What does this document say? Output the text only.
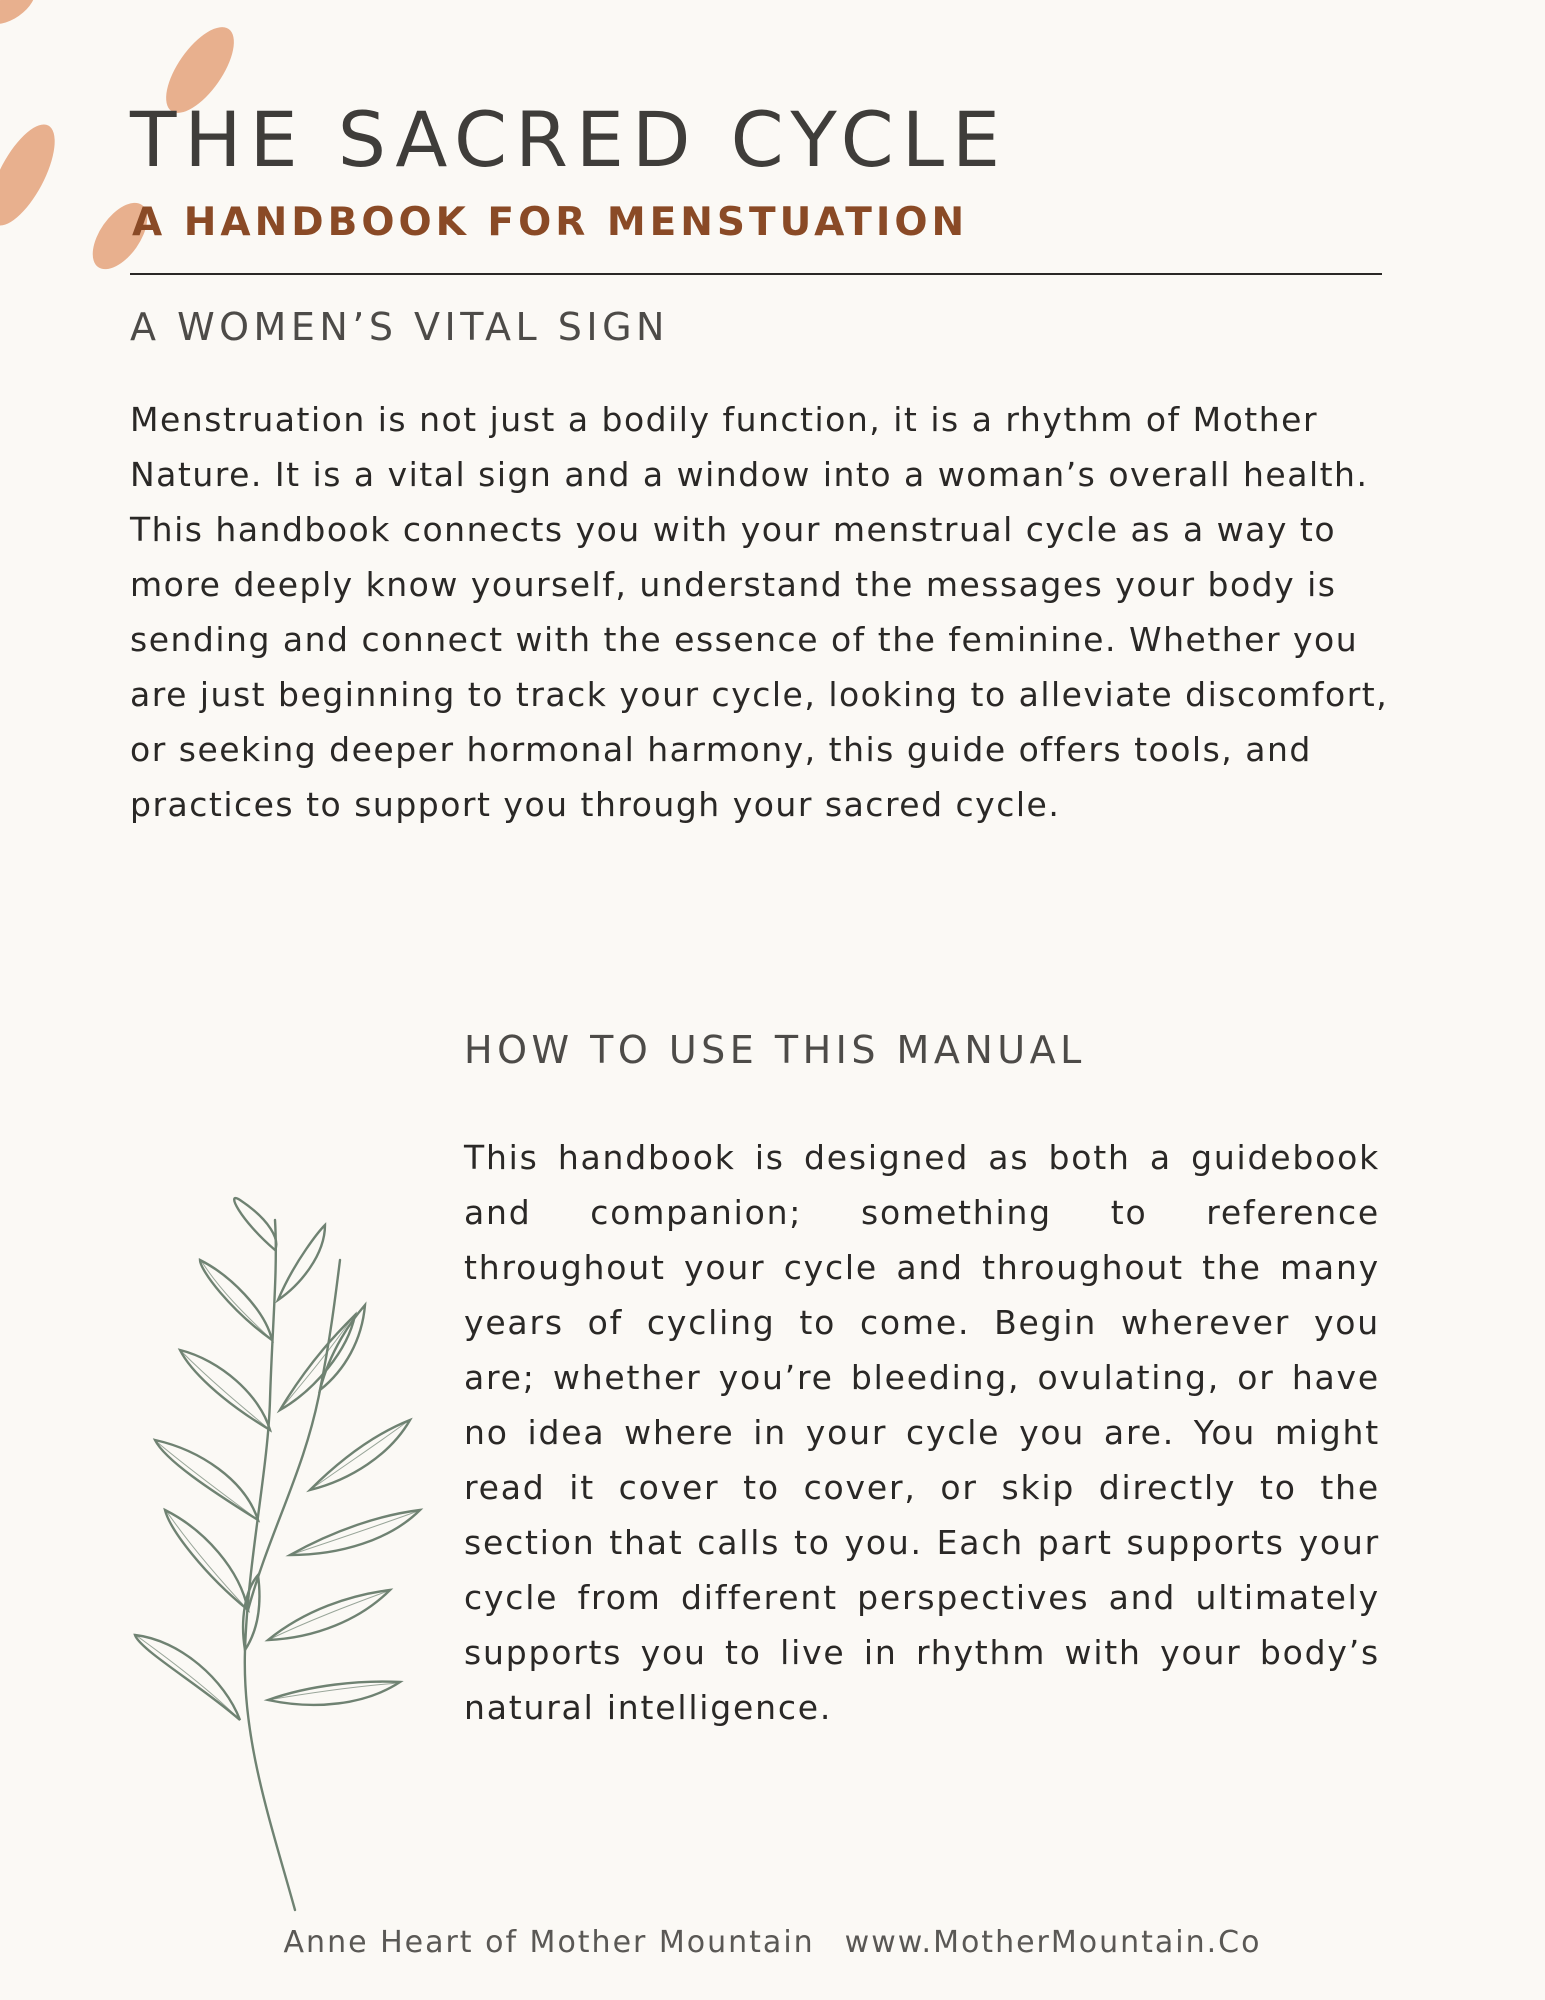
THE SACRED CYCLE
A HANDBOOK FOR MENSTUATION
A WOMEN’S VITAL SIGN

Menstruation is not just a bodily function, it is a rhythm of Mother Nature. It is a vital sign and a window into a woman’s overall health. This handbook connects you with your menstrual cycle as a way to more deeply know yourself, understand the messages your body is sending and connect with the essence of the feminine. Whether you are just beginning to track your cycle, looking to alleviate discomfort, or seeking deeper hormonal harmony, this guide offers tools, and practices to support you through your sacred cycle.

HOW TO USE THIS MANUAL

This handbook is designed as both a guidebook and companion; something to reference throughout your cycle and throughout the many years of cycling to come. Begin wherever you are; whether you’re bleeding, ovulating, or have no idea where in your cycle you are. You might read it cover to cover, or skip directly to the section that calls to you. Each part supports your cycle from different perspectives and ultimately supports you to live in rhythm with your body’s natural intelligence.

Anne Heart of Mother Mountain www.MotherMountain.Co
